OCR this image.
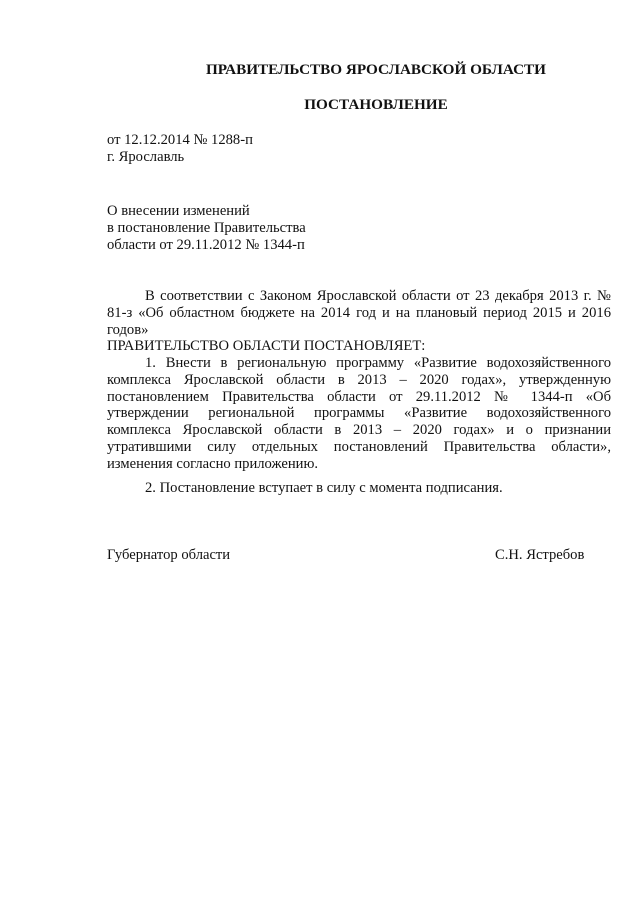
ПРАВИТЕЛЬСТВО ЯРОСЛАВСКОЙ ОБЛАСТИ
ПОСТАНОВЛЕНИЕ
от 12.12.2014 № 1288-п
г. Ярославль
О внесении изменений
в постановление Правительства
области от 29.11.2012 № 1344-п
В соответствии с Законом Ярославской области от 23 декабря 2013 г. № 81-з «Об областном бюджете на 2014 год и на плановый период 2015 и 2016 годов»
ПРАВИТЕЛЬСТВО ОБЛАСТИ ПОСТАНОВЛЯЕТ:
1. Внести в региональную программу «Развитие водохозяйственного комплекса Ярославской области в 2013 – 2020 годах», утвержденную постановлением Правительства области от 29.11.2012 № 1344-п «Об утверждении региональной программы «Развитие водохозяйственного комплекса Ярославской области в 2013 – 2020 годах» и о признании утратившими силу отдельных постановлений Правительства области», изменения согласно приложению.
2. Постановление вступает в силу с момента подписания.
Губернатор области	С.Н. Ястребов
